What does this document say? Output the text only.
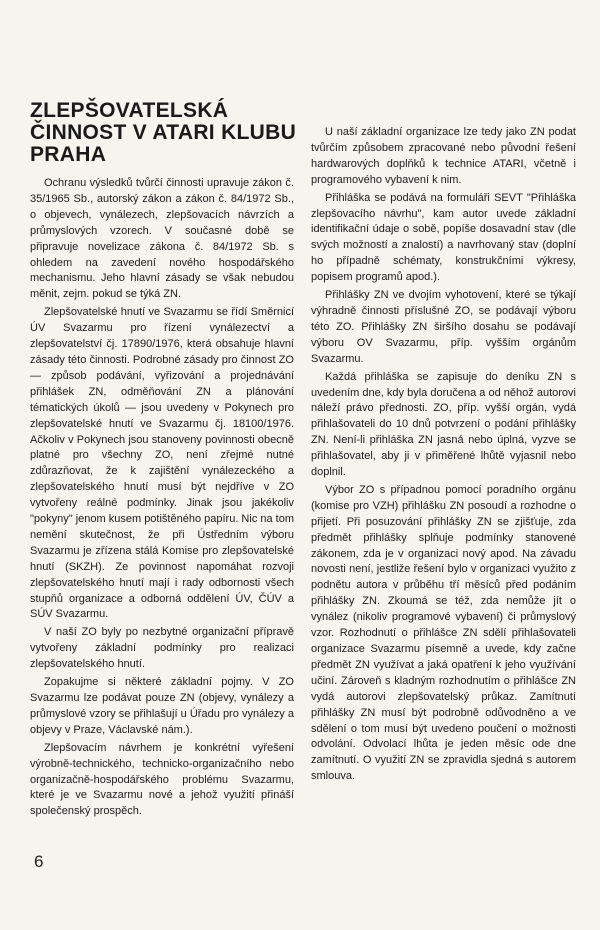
ZLEPŠOVATELSKÁ
ČINNOST V ATARI KLUBU
PRAHA

Ochranu výsledků tvůrčí činnosti upravuje zákon č. 35/1965 Sb., autorský zákon a zákon č. 84/1972 Sb., o objevech, vynálezech, zlepšovacích návrzích a průmyslových vzorech. V současné době se připravuje novelizace zákona č. 84/1972 Sb. s ohledem na zavedení nového hospodářského mechanismu. Jeho hlavní zásady se však nebudou měnit, zejm. pokud se týká ZN.

Zlepšovatelské hnutí ve Svazarmu se řídí Směrnicí ÚV Svazarmu pro řízení vynálezectví a zlepšovatelství čj. 17890/1976, která obsahuje hlavní zásady této činnosti. Podrobné zásady pro činnost ZO — způsob podávání, vyřizování a projednávání přihlášek ZN, odměňování ZN a plánování tématických úkolů — jsou uvedeny v Pokynech pro zlepšovatelské hnutí ve Svazarmu čj. 18100/1976. Ačkoliv v Pokynech jsou stanoveny povinnosti obecně platné pro všechny ZO, není zřejmé nutné zdůrazňovat, že k zajištění vynálezeckého a zlepšovatelského hnutí musí být nejdříve v ZO vytvořeny reálné podmínky. Jinak jsou jakékoliv "pokyny" jenom kusem potištěného papíru. Nic na tom nemění skutečnost, že při Ústředním výboru Svazarmu je zřízena stálá Komise pro zlepšovatelské hnutí (SKZH). Ze povinnost napomáhat rozvoji zlepšovatelského hnutí mají i rady odbornosti všech stupňů organizace a odborná oddělení ÚV, ČÚV a SÚV Svazarmu.

V naší ZO byly po nezbytné organizační přípravě vytvořeny základní podmínky pro realizaci zlepšovatelského hnutí.

Zopakujme si některé základní pojmy. V ZO Svazarmu lze podávat pouze ZN (objevy, vynálezy a průmyslové vzory se přihlašují u Úřadu pro vynálezy a objevy v Praze, Václavské nám.).

Zlepšovacím návrhem je konkrétní vyřešení výrobně-technického, technicko-organizačního nebo organizačně-hospodářského problému Svazarmu, které je ve Svazarmu nové a jehož využití přináší společenský prospěch.

U naší základní organizace lze tedy jako ZN podat tvůrčím způsobem zpracované nebo původní řešení hardwarových doplňků k technice ATARI, včetně i programového vybavení k nim.

Přihláška se podává na formuláři SEVT "Přihláška zlepšovacího návrhu", kam autor uvede základní identifikační údaje o sobě, popíše dosavadní stav (dle svých možností a znalostí) a navrhovaný stav (doplní ho případně schématy, konstrukčními výkresy, popisem programů apod.).

Přihlášky ZN ve dvojím vyhotovení, které se týkají výhradně činnosti příslušné ZO, se podávají výboru této ZO. Přihlášky ZN širšího dosahu se podávají výboru OV Svazarmu, příp. vyšším orgánům Svazarmu.

Každá přihláška se zapisuje do deníku ZN s uvedením dne, kdy byla doručena a od něhož autorovi náleží právo přednosti. ZO, příp. vyšší orgán, vydá přihlašovateli do 10 dnů potvrzení o podání přihlášky ZN. Není-li přihláška ZN jasná nebo úplná, vyzve se přihlašovatel, aby ji v přiměřené lhůtě vyjasnil nebo doplnil.

Výbor ZO s případnou pomocí poradního orgánu (komise pro VZH) přihlášku ZN posoudí a rozhodne o přijetí. Při posuzování přihlášky ZN se zjišťuje, zda předmět přihlášky splňuje podmínky stanovené zákonem, zda je v organizaci nový apod. Na závadu novosti není, jestliže řešení bylo v organizaci využito z podnětu autora v průběhu tří měsíců před podáním přihlášky ZN. Zkoumá se též, zda nemůže jít o vynález (nikoliv programové vybavení) či průmyslový vzor. Rozhodnutí o přihlášce ZN sdělí přihlašovateli organizace Svazarmu písemně a uvede, kdy začne předmět ZN využívat a jaká opatření k jeho využívání učiní. Zároveň s kladným rozhodnutím o přihlášce ZN vydá autorovi zlepšovatelský průkaz. Zamítnutí přihlášky ZN musí být podrobně odůvodněno a ve sdělení o tom musí být uvedeno poučení o možnosti odvolání. Odvolací lhůta je jeden měsíc ode dne zamítnutí. O využití ZN se zpravidla sjedná s autorem smlouva.

6
